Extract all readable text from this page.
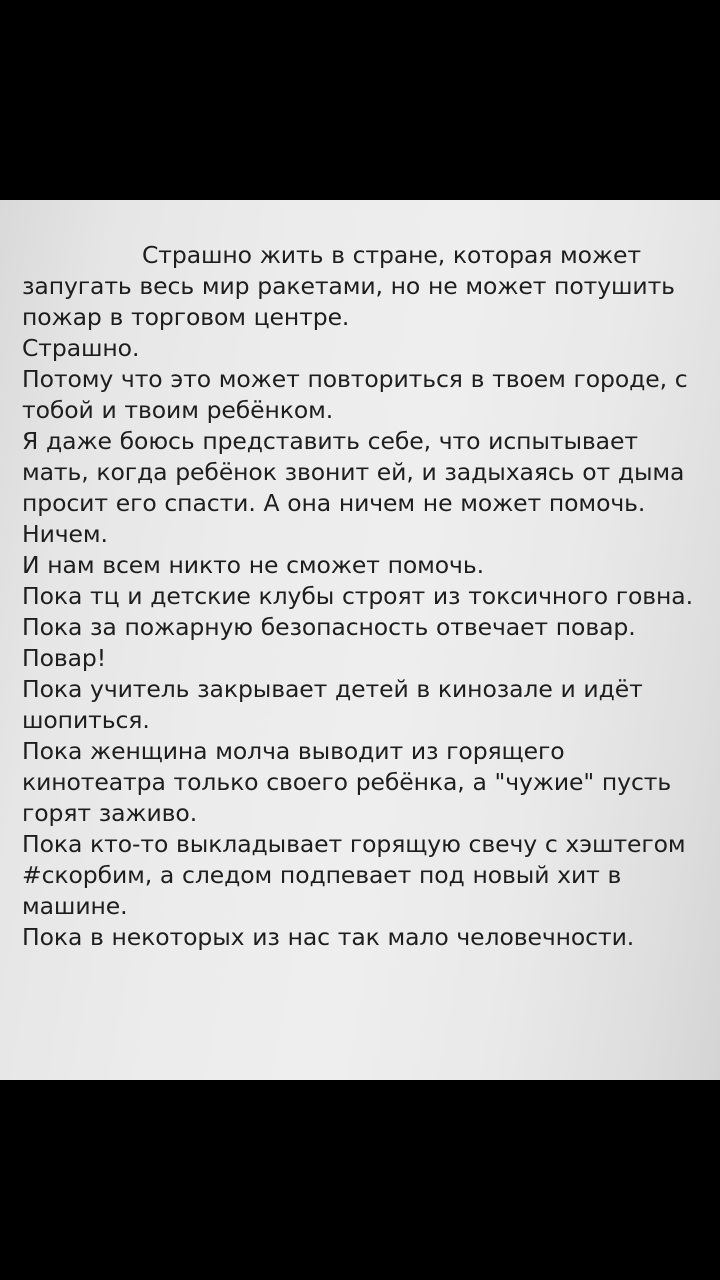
Страшно жить в стране, которая может запугать весь мир ракетами, но не может потушить пожар в торговом центре.

Страшно.

Потому что это может повториться в твоем городе, с тобой и твоим ребёнком.

Я даже боюсь представить себе, что испытывает мать, когда ребёнок звонит ей, и задыхаясь от дыма просит его спасти. А она ничем не может помочь. Ничем.

И нам всем никто не сможет помочь.

Пока тц и детские клубы строят из токсичного говна.

Пока за пожарную безопасность отвечает повар. Повар!

Пока учитель закрывает детей в кинозале и идёт шопиться.

Пока женщина молча выводит из горящего кинотеатра только своего ребёнка, а "чужие" пусть горят заживо.

Пока кто-то выкладывает горящую свечу с хэштегом #скорбим, а следом подпевает под новый хит в машине.

Пока в некоторых из нас так мало человечности.
